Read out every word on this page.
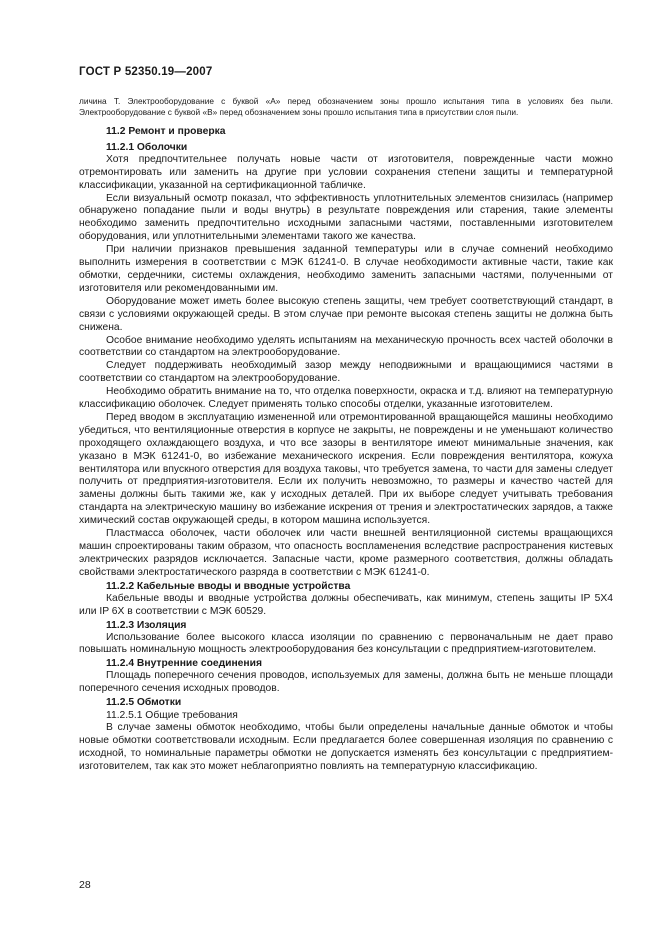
ГОСТ Р 52350.19—2007

личина Т. Электрооборудование с буквой «А» перед обозначением зоны прошло испытания типа в условиях без пыли. Электрооборудование с буквой «В» перед обозначением зоны прошло испытания типа в присутствии слоя пыли.

11.2 Ремонт и проверка

11.2.1 Оболочки

Хотя предпочтительнее получать новые части от изготовителя, поврежденные части можно отремонтировать или заменить на другие при условии сохранения степени защиты и температурной классификации, указанной на сертификационной табличке.

Если визуальный осмотр показал, что эффективность уплотнительных элементов снизилась (например обнаружено попадание пыли и воды внутрь) в результате повреждения или старения, такие элементы необходимо заменить предпочтительно исходными запасными частями, поставленными изготовителем оборудования, или уплотнительными элементами такого же качества.

При наличии признаков превышения заданной температуры или в случае сомнений необходимо выполнить измерения в соответствии с МЭК 61241-0. В случае необходимости активные части, такие как обмотки, сердечники, системы охлаждения, необходимо заменить запасными частями, полученными от изготовителя или рекомендованными им.

Оборудование может иметь более высокую степень защиты, чем требует соответствующий стандарт, в связи с условиями окружающей среды. В этом случае при ремонте высокая степень защиты не должна быть снижена.

Особое внимание необходимо уделять испытаниям на механическую прочность всех частей оболочки в соответствии со стандартом на электрооборудование.

Следует поддерживать необходимый зазор между неподвижными и вращающимися частями в соответствии со стандартом на электрооборудование.

Необходимо обратить внимание на то, что отделка поверхности, окраска и т.д. влияют на температурную классификацию оболочек. Следует применять только способы отделки, указанные изготовителем.

Перед вводом в эксплуатацию измененной или отремонтированной вращающейся машины необходимо убедиться, что вентиляционные отверстия в корпусе не закрыты, не повреждены и не уменьшают количество проходящего охлаждающего воздуха, и что все зазоры в вентиляторе имеют минимальные значения, как указано в МЭК 61241-0, во избежание механического искрения. Если повреждения вентилятора, кожуха вентилятора или впускного отверстия для воздуха таковы, что требуется замена, то части для замены следует получить от предприятия-изготовителя. Если их получить невозможно, то размеры и качество частей для замены должны быть такими же, как у исходных деталей. При их выборе следует учитывать требования стандарта на электрическую машину во избежание искрения от трения и электростатических зарядов, а также химический состав окружающей среды, в котором машина используется.

Пластмасса оболочек, части оболочек или части внешней вентиляционной системы вращающихся машин спроектированы таким образом, что опасность воспламенения вследствие распространения кистевых электрических разрядов исключается. Запасные части, кроме размерного соответствия, должны обладать свойствами электростатического разряда в соответствии с МЭК 61241-0.

11.2.2 Кабельные вводы и вводные устройства

Кабельные вводы и вводные устройства должны обеспечивать, как минимум, степень защиты IP 5X4 или IP 6X в соответствии с МЭК 60529.

11.2.3 Изоляция

Использование более высокого класса изоляции по сравнению с первоначальным не дает право повышать номинальную мощность электрооборудования без консультации с предприятием-изготовителем.

11.2.4 Внутренние соединения

Площадь поперечного сечения проводов, используемых для замены, должна быть не меньше площади поперечного сечения исходных проводов.

11.2.5 Обмотки

11.2.5.1 Общие требования

В случае замены обмоток необходимо, чтобы были определены начальные данные обмоток и чтобы новые обмотки соответствовали исходным. Если предлагается более совершенная изоляция по сравнению с исходной, то номинальные параметры обмотки не допускается изменять без консультации с предприятием-изготовителем, так как это может неблагоприятно повлиять на температурную классификацию.

28
